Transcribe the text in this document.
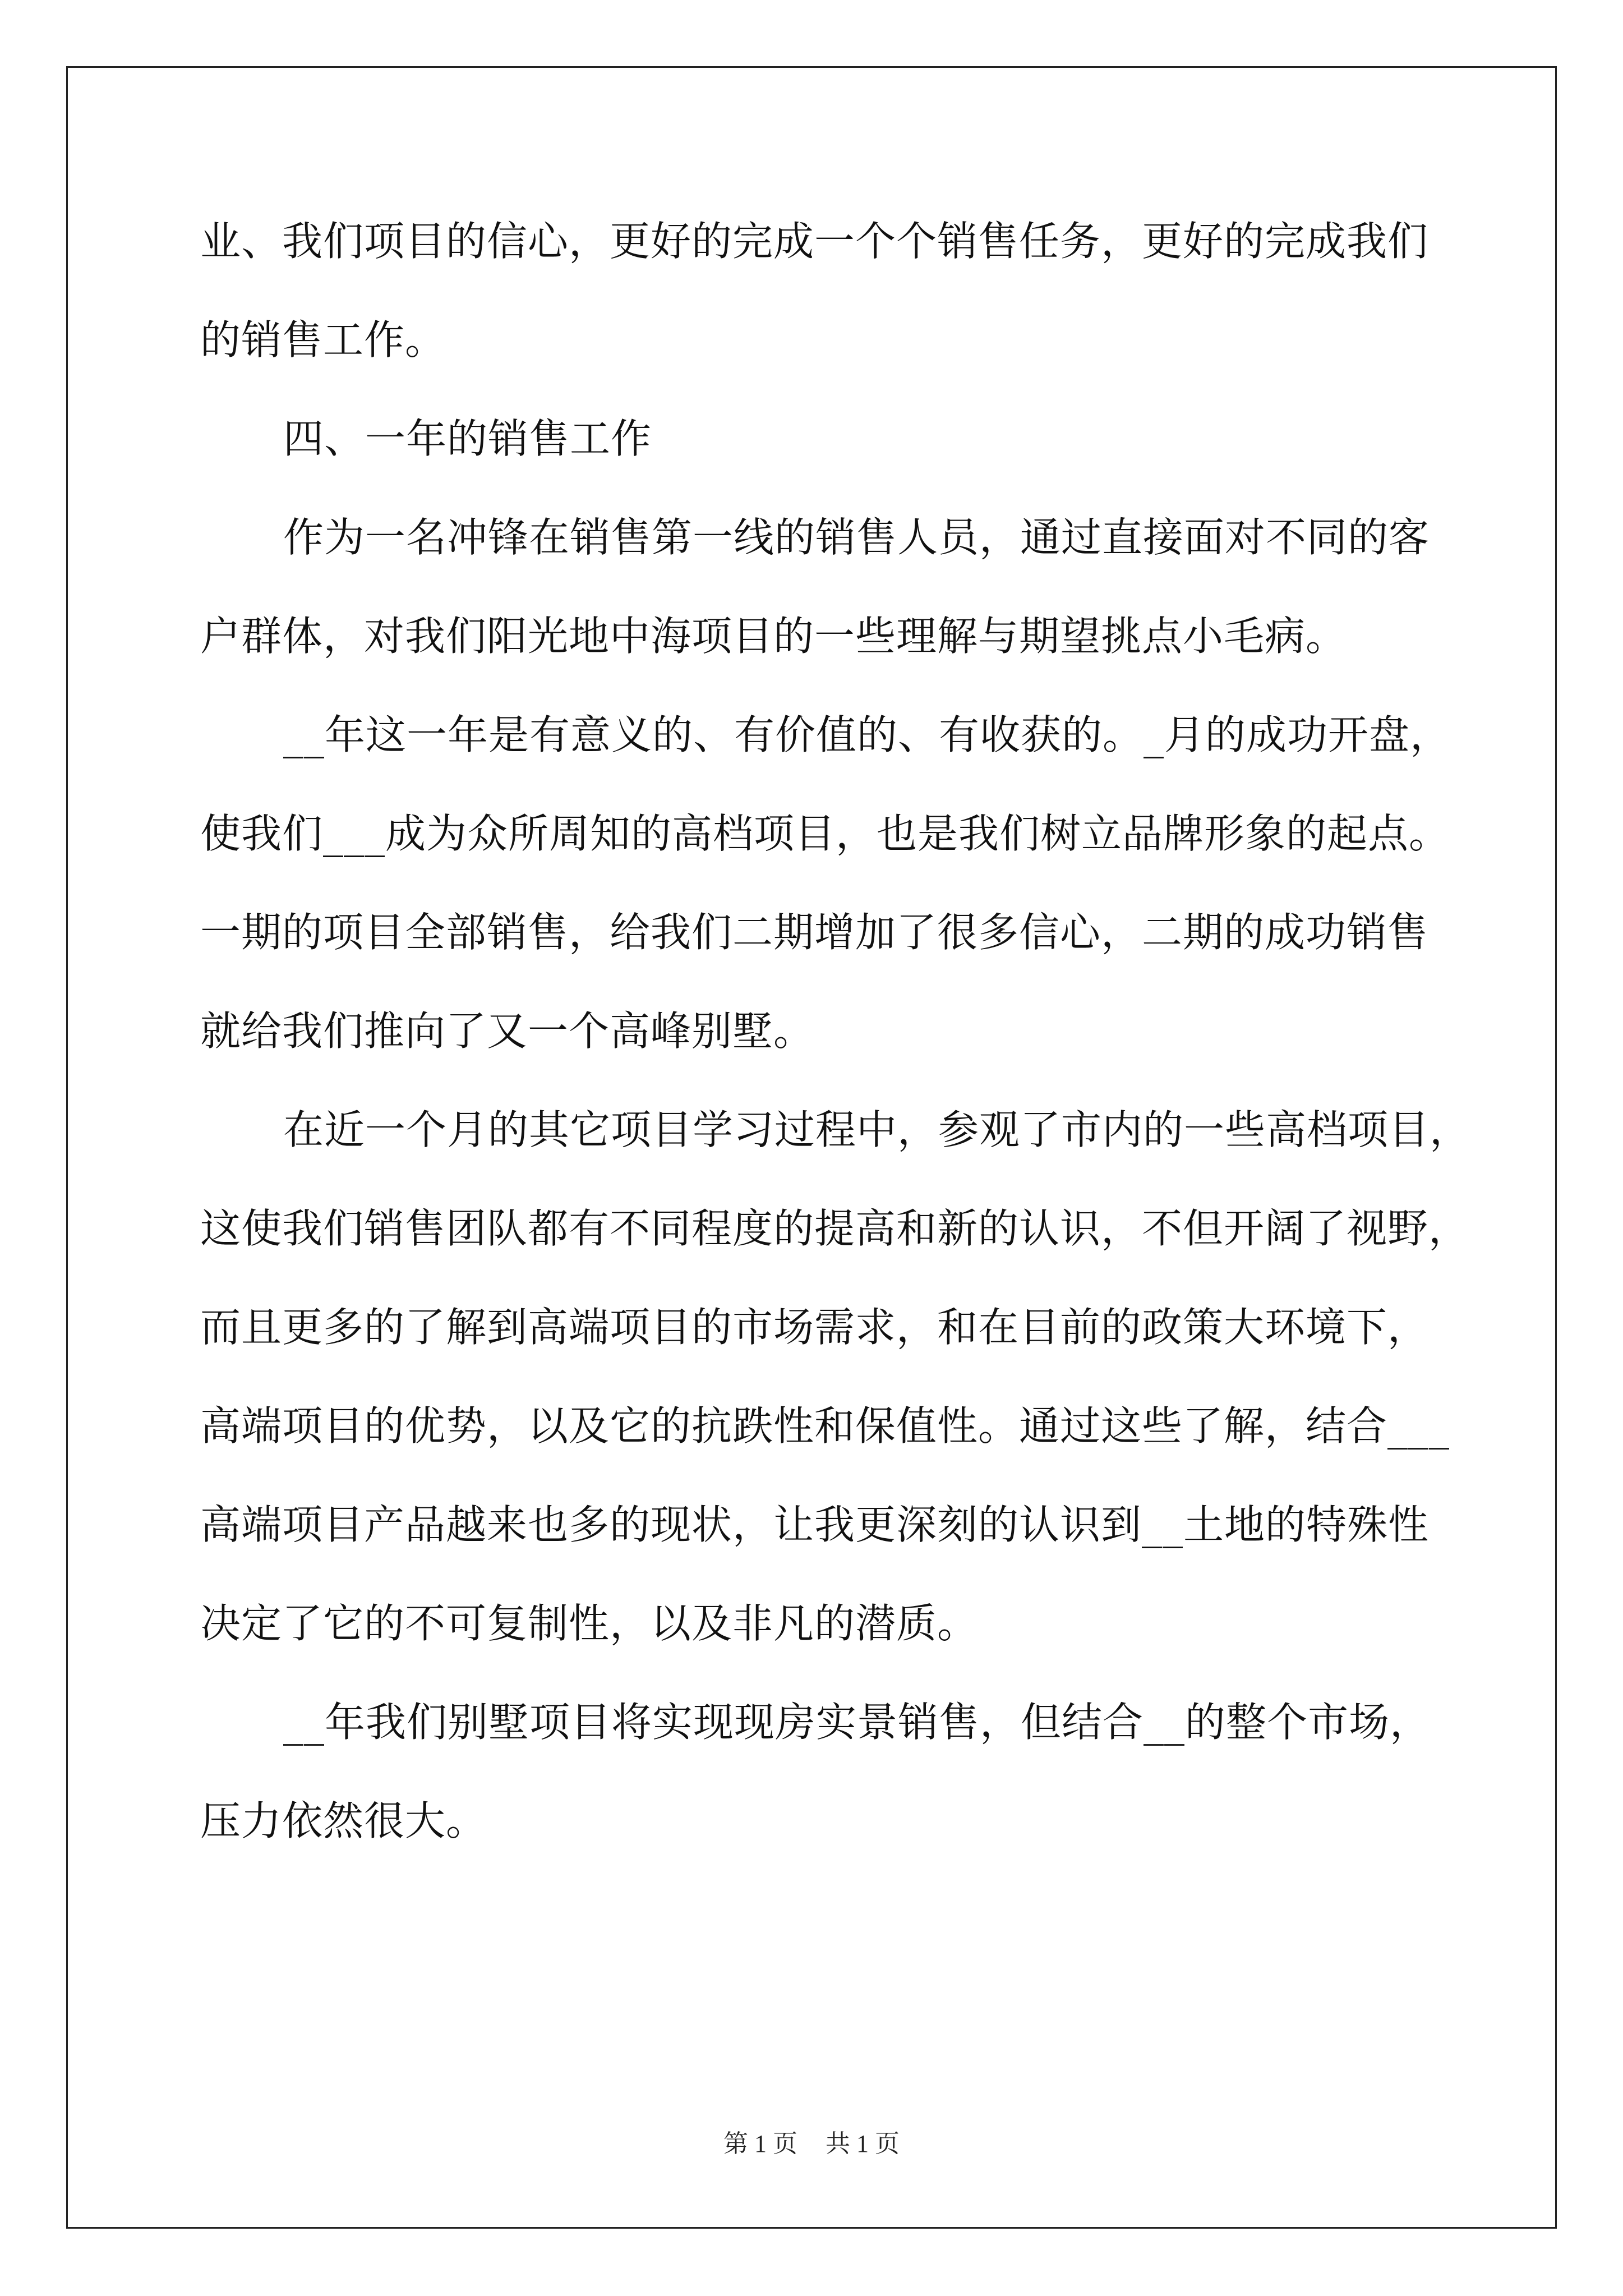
业、我们项目的信心，更好的完成一个个销售任务，更好的完成我们
的销售工作。
四、一年的销售工作
作为一名冲锋在销售第一线的销售人员，通过直接面对不同的客
户群体，对我们阳光地中海项目的一些理解与期望挑点小毛病。
__年这一年是有意义的、有价值的、有收获的。_月的成功开盘，
使我们___成为众所周知的高档项目，也是我们树立品牌形象的起点。
一期的项目全部销售，给我们二期增加了很多信心，二期的成功销售
就给我们推向了又一个高峰别墅。
在近一个月的其它项目学习过程中，参观了市内的一些高档项目，
这使我们销售团队都有不同程度的提高和新的认识，不但开阔了视野，
而且更多的了解到高端项目的市场需求，和在目前的政策大环境下，
高端项目的优势，以及它的抗跌性和保值性。通过这些了解，结合___
高端项目产品越来也多的现状，让我更深刻的认识到__土地的特殊性
决定了它的不可复制性，以及非凡的潜质。
__年我们别墅项目将实现现房实景销售，但结合__的整个市场，
压力依然很大。
第 1 页 共 1 页
